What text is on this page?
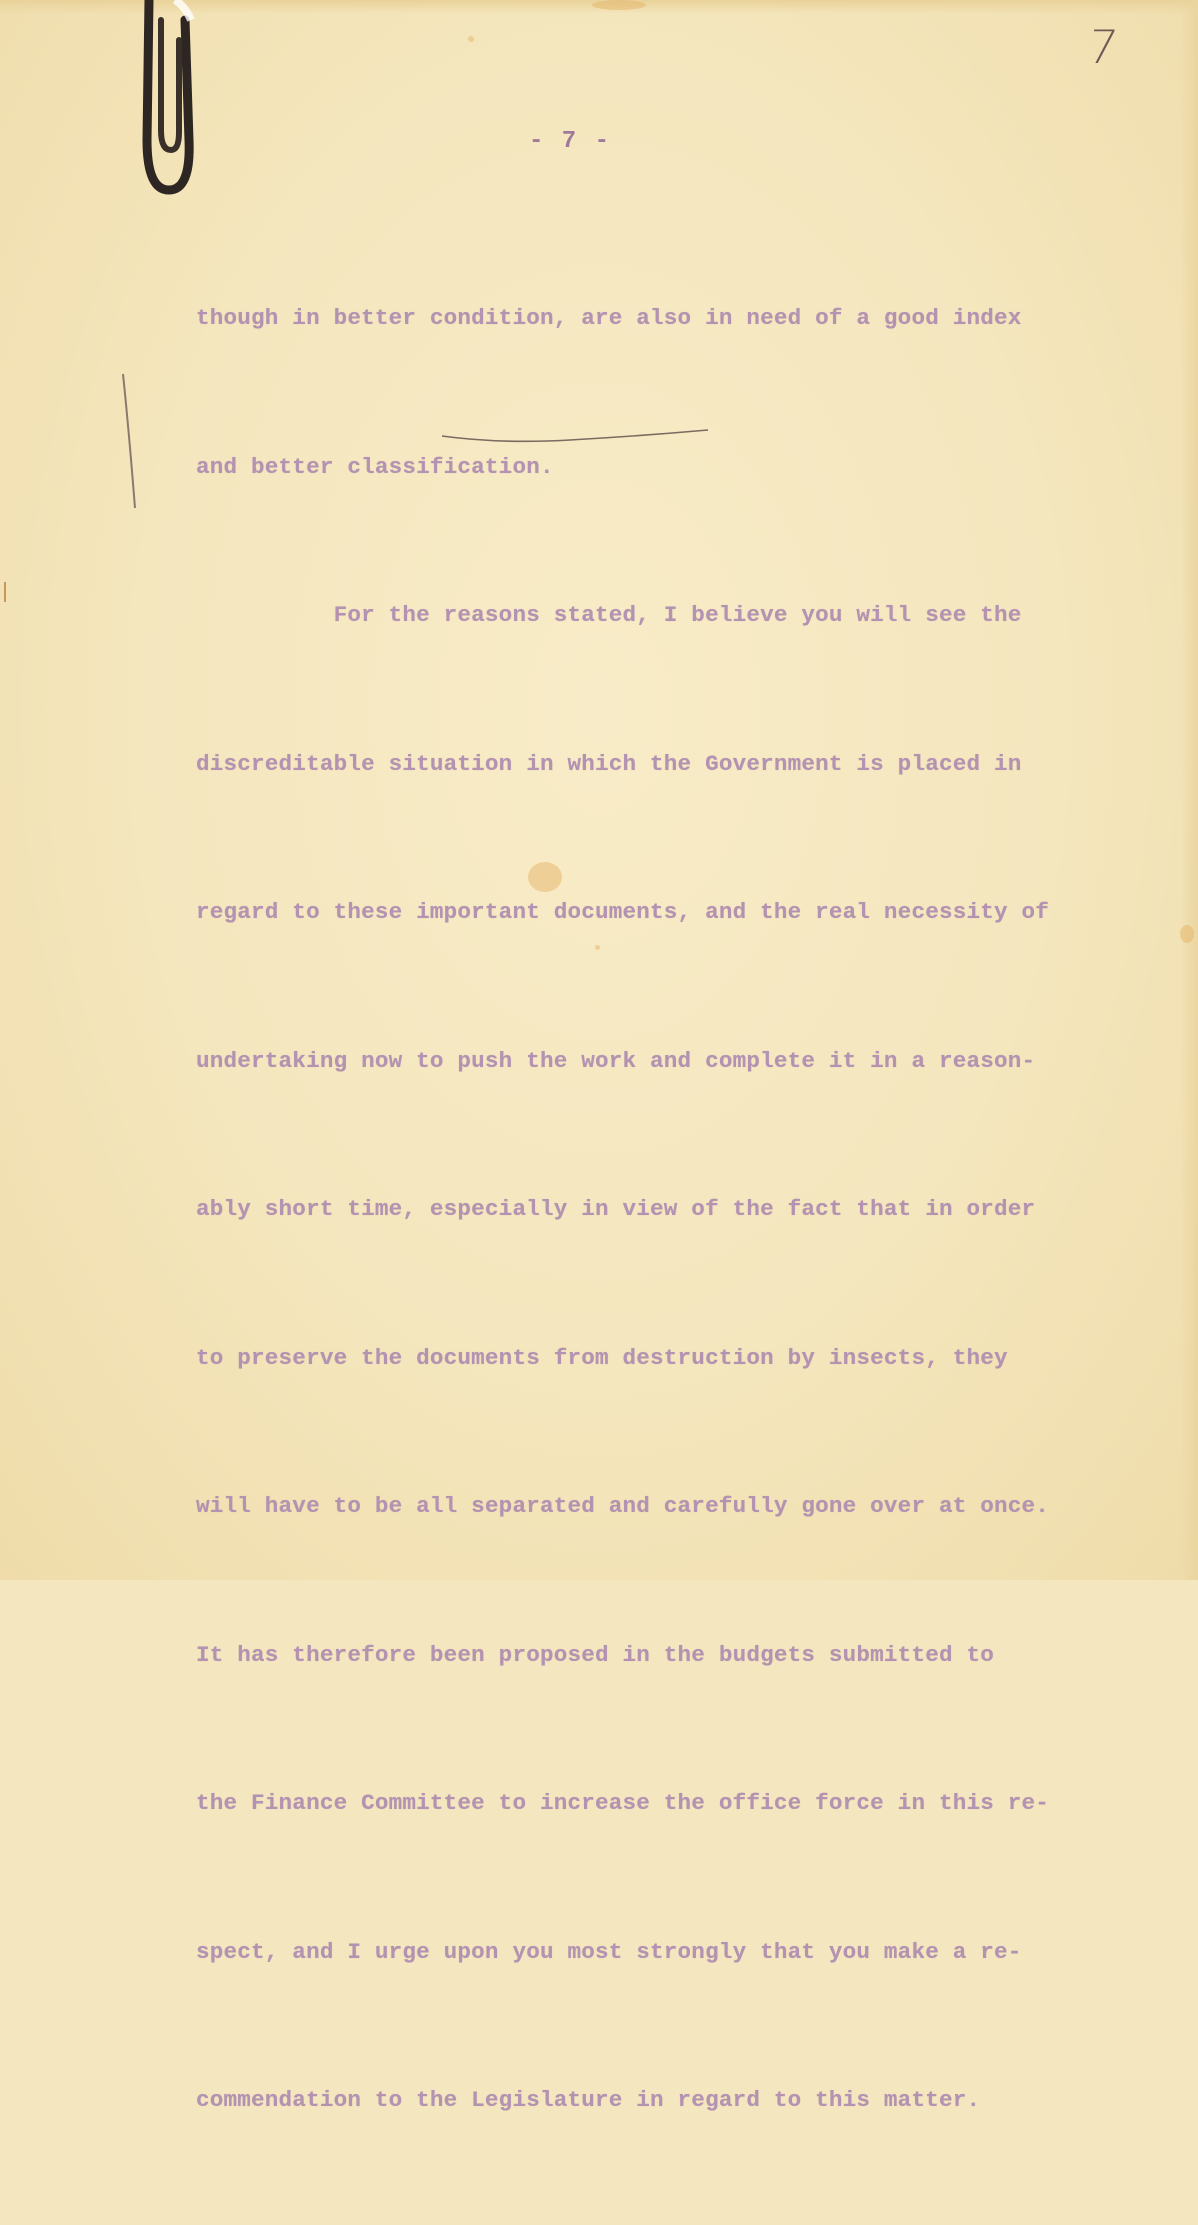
7
- 7 -

though in better condition, are also in need of a good index

and better classification.

For the reasons stated, I believe you will see the

discreditable situation in which the Government is placed in

regard to these important documents, and the real necessity of

undertaking now to push the work and complete it in a reason-

ably short time, especially in view of the fact that in order

to preserve the documents from destruction by insects, they

will have to be all separated and carefully gone over at once.

It has therefore been proposed in the budgets submitted to

the Finance Committee to increase the office force in this re-

spect, and I urge upon you most strongly that you make a re-

commendation to the Legislature in regard to this matter.
